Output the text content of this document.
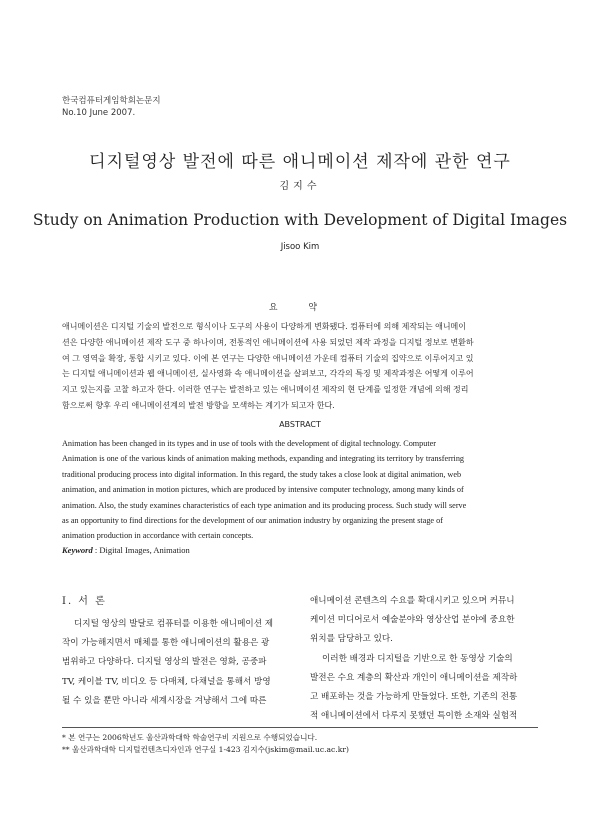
한국컴퓨터게임학회논문지
No.10 June 2007.
디지털영상 발전에 따른 애니메이션 제작에 관한 연구
김지수
Study on Animation Production with Development of Digital Images
Jisoo Kim
요 약
애니메이션은 디지털 기술의 발전으로 형식이나 도구의 사용이 다양하게 변화됐다. 컴퓨터에 의해 제작되는 애니메이
션은 다양한 애니메이션 제작 도구 중 하나이며, 전통적인 애니메이션에 사용 되었던 제작 과정을 디지털 정보로 변환하
여 그 영역을 확장, 통합 시키고 있다. 이에 본 연구는 다양한 애니메이션 가운데 컴퓨터 기술의 집약으로 이루어지고 있
는 디지털 애니메이션과 웹 애니메이션, 실사영화 속 애니메이션을 살펴보고, 각각의 특징 및 제작과정은 어떻게 이루어
지고 있는지를 고찰 하고자 한다. 이러한 연구는 발전하고 있는 애니메이션 제작의 현 단계를 일정한 개념에 의해 정리
함으로써 향후 우리 애니메이션계의 발전 방향을 모색하는 계기가 되고자 한다.
ABSTRACT
Animation has been changed in its types and in use of tools with the development of digital technology. Computer
Animation is one of the various kinds of animation making methods, expanding and integrating its territory by transferring
traditional producing process into digital information. In this regard, the study takes a close look at digital animation, web
animation, and animation in motion pictures, which are produced by intensive computer technology, among many kinds of
animation. Also, the study examines characteristics of each type animation and its producing process. Such study will serve
as an opportunity to find directions for the development of our animation industry by organizing the present stage of
animation production in accordance with certain concepts.
Keyword : Digital Images, Animation
Ⅰ. 서 론
디지털 영상의 발달로 컴퓨터를 이용한 애니메이션 제
작이 가능해지면서 매체를 통한 애니메이션의 활용은 광
범위하고 다양하다. 디지털 영상의 발전은 영화, 공중파
TV, 케이블 TV, 비디오 등 다매체, 다채널을 통해서 방영
될 수 있을 뿐만 아니라 세계시장을 겨냥해서 그에 따른
애니메이션 콘텐츠의 수요를 확대시키고 있으며 커뮤니
케이션 미디어로서 예술분야와 영상산업 분야에 중요한
위치를 담당하고 있다.
이러한 배경과 디지털을 기반으로 한 동영상 기술의
발전은 수요 계층의 확산과 개인이 애니메이션을 제작하
고 배포하는 것을 가능하게 만들었다. 또한, 기존의 전통
적 애니메이션에서 다루지 못했던 특이한 소재와 실험적
* 본 연구는 2006학년도 울산과학대학 학술연구비 지원으로 수행되었습니다.
** 울산과학대학 디지털컨텐츠디자인과 연구실 1-423 김지수(jskim@mail.uc.ac.kr)
